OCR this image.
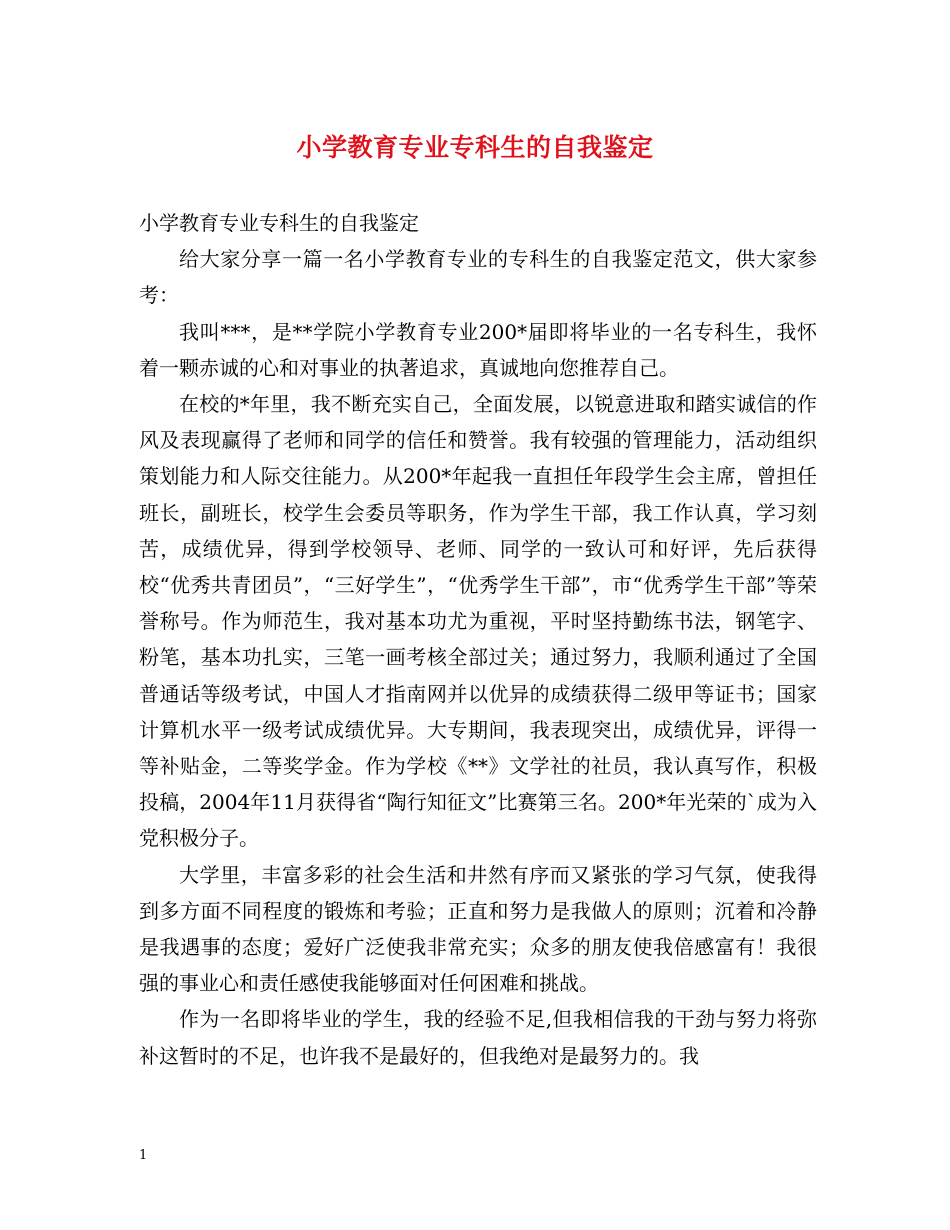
小学教育专业专科生的自我鉴定

小学教育专业专科生的自我鉴定

给大家分享一篇一名小学教育专业的专科生的自我鉴定范文，供大家参考：

我叫***，是**学院小学教育专业200*届即将毕业的一名专科生，我怀着一颗赤诚的心和对事业的执著追求，真诚地向您推荐自己。

在校的*年里，我不断充实自己，全面发展，以锐意进取和踏实诚信的作风及表现赢得了老师和同学的信任和赞誉。我有较强的管理能力，活动组织策划能力和人际交往能力。从200*年起我一直担任年段学生会主席，曾担任班长，副班长，校学生会委员等职务，作为学生干部，我工作认真，学习刻苦，成绩优异，得到学校领导、老师、同学的一致认可和好评，先后获得校“优秀共青团员”，“三好学生”，“优秀学生干部”，市“优秀学生干部”等荣誉称号。作为师范生，我对基本功尤为重视，平时坚持勤练书法，钢笔字、粉笔，基本功扎实，三笔一画考核全部过关；通过努力，我顺利通过了全国普通话等级考试，中国人才指南网并以优异的成绩获得二级甲等证书；国家计算机水平一级考试成绩优异。大专期间，我表现突出，成绩优异，评得一等补贴金，二等奖学金。作为学校《**》文学社的社员，我认真写作，积极投稿，2004年11月获得省“陶行知征文”比赛第三名。200*年光荣的`成为入党积极分子。

大学里，丰富多彩的社会生活和井然有序而又紧张的学习气氛，使我得到多方面不同程度的锻炼和考验；正直和努力是我做人的原则；沉着和冷静是我遇事的态度；爱好广泛使我非常充实；众多的朋友使我倍感富有！我很强的事业心和责任感使我能够面对任何困难和挑战。

作为一名即将毕业的学生，我的经验不足,但我相信我的干劲与努力将弥补这暂时的不足，也许我不是最好的，但我绝对是最努力的。我

1
